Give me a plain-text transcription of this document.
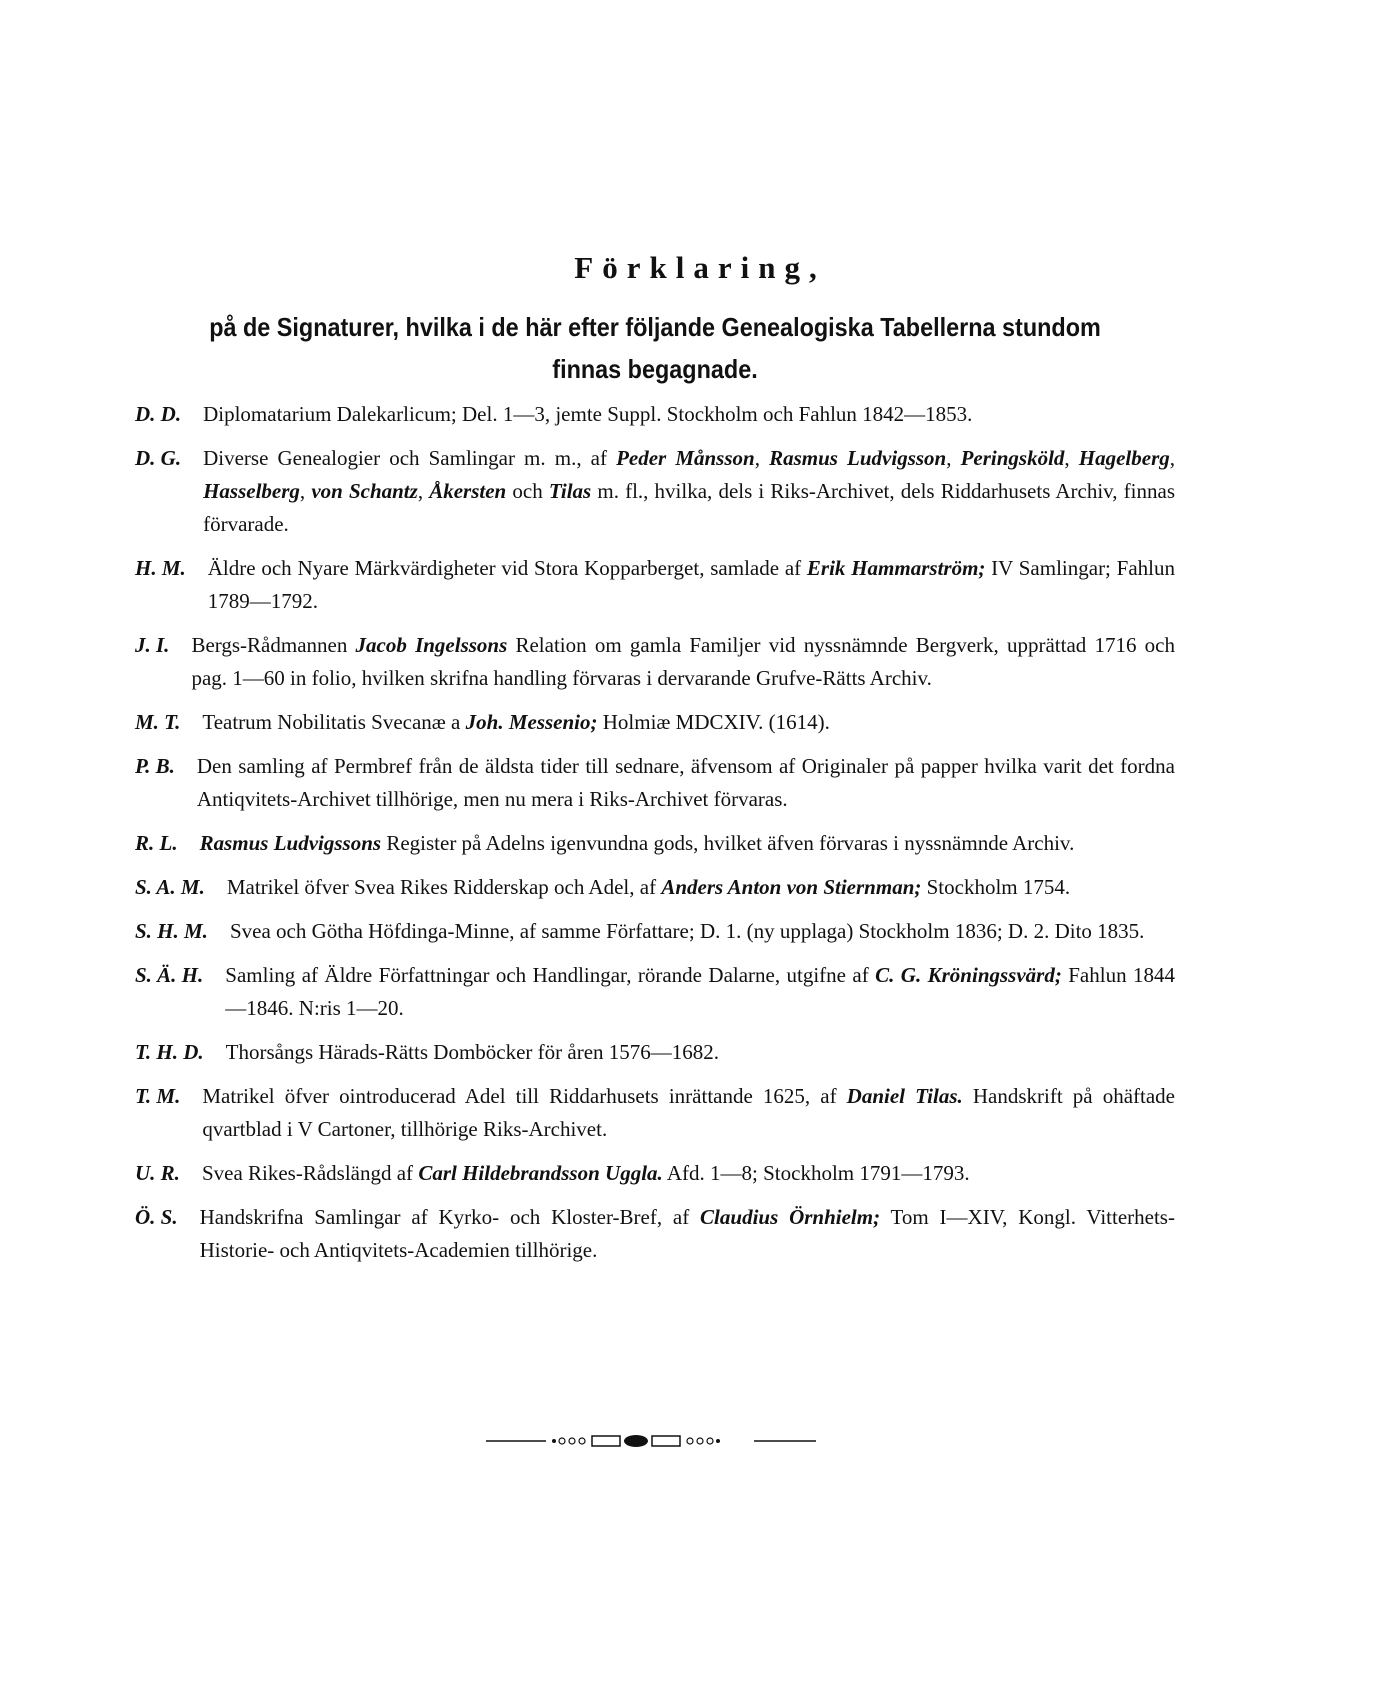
Förklaring,
på de Signaturer, hvilka i de här efter följande Genealogiska Tabellerna stundom finnas begagnade.
D. D.	Diplomatarium Dalekarlicum; Del. 1—3, jemte Suppl. Stockholm och Fahlun 1842—1853.
D. G.	Diverse Genealogier och Samlingar m. m., af Peder Månsson, Rasmus Ludvigsson, Peringsköld, Hagelberg, Hasselberg, von Schantz, Åkersten och Tilas m. fl., hvilka, dels i Riks-Archivet, dels Riddarhusets Archiv, finnas förvarade.
H. M.	Äldre och Nyare Märkvärdigheter vid Stora Kopparberget, samlade af Erik Hammarström; IV Samlingar; Fahlun 1789—1792.
J. I.	Bergs-Rådmannen Jacob Ingelssons Relation om gamla Familjer vid nyssnämnde Bergverk, upprättad 1716 och pag. 1—60 in folio, hvilken skrifna handling förvaras i dervarande Grufve-Rätts Archiv.
M. T.	Teatrum Nobilitatis Svecanæ a Joh. Messenio; Holmiæ MDCXIV. (1614).
P. B.	Den samling af Permbref från de äldsta tider till sednare, äfvensom af Originaler på papper hvilka varit det fordna Antiqvitets-Archivet tillhörige, men nu mera i Riks-Archivet förvaras.
R. L.	Rasmus Ludvigssons Register på Adelns igenvundna gods, hvilket äfven förvaras i nyssnämnde Archiv.
S. A. M.	Matrikel öfver Svea Rikes Ridderskap och Adel, af Anders Anton von Stiernman; Stockholm 1754.
S. H. M.	Svea och Götha Höfdinga-Minne, af samme Författare; D. 1. (ny upplaga) Stockholm 1836; D. 2. Dito 1835.
S. Ä. H.	Samling af Äldre Författningar och Handlingar, rörande Dalarne, utgifne af C. G. Kröningssvärd; Fahlun 1844—1846. N:ris 1—20.
T. H. D.	Thorsångs Härads-Rätts Domböcker för åren 1576—1682.
T. M.	Matrikel öfver ointroducerad Adel till Riddarhusets inrättande 1625, af Daniel Tilas. Handskrift på ohäftade qvartblad i V Cartoner, tillhörige Riks-Archivet.
U. R.	Svea Rikes-Rådslängd af Carl Hildebrandsson Uggla. Afd. 1—8; Stockholm 1791—1793.
Ö. S.	Handskrifna Samlingar af Kyrko- och Kloster-Bref, af Claudius Örnhielm; Tom I—XIV, Kongl. Vitterhets- Historie- och Antiqvitets-Academien tillhörige.
